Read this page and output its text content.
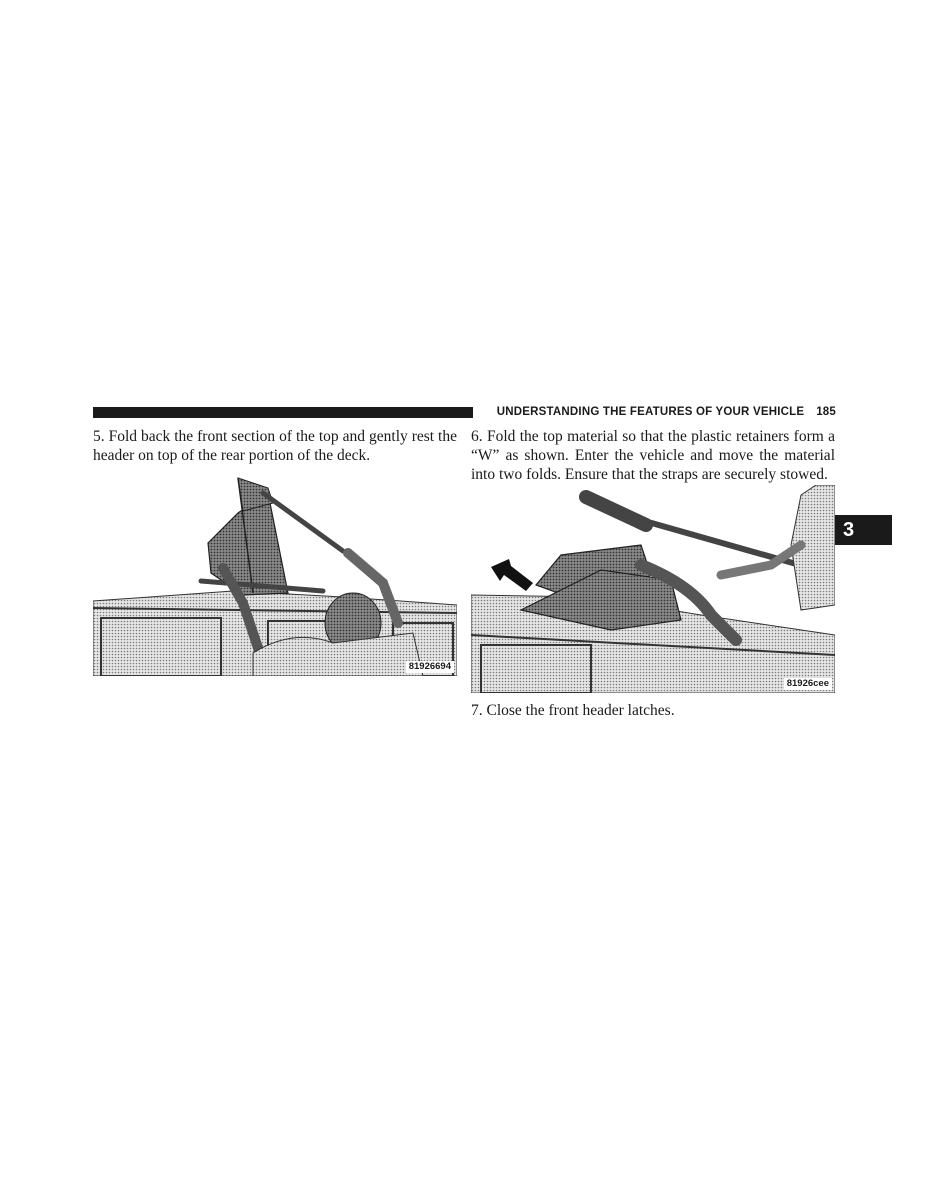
UNDERSTANDING THE FEATURES OF YOUR VEHICLE 185
3

5. Fold back the front section of the top and gently rest the header on top of the rear portion of the deck.

81926694

6. Fold the top material so that the plastic retainers form a “W” as shown. Enter the vehicle and move the material into two folds. Ensure that the straps are securely stowed.

81926cee

7. Close the front header latches.
